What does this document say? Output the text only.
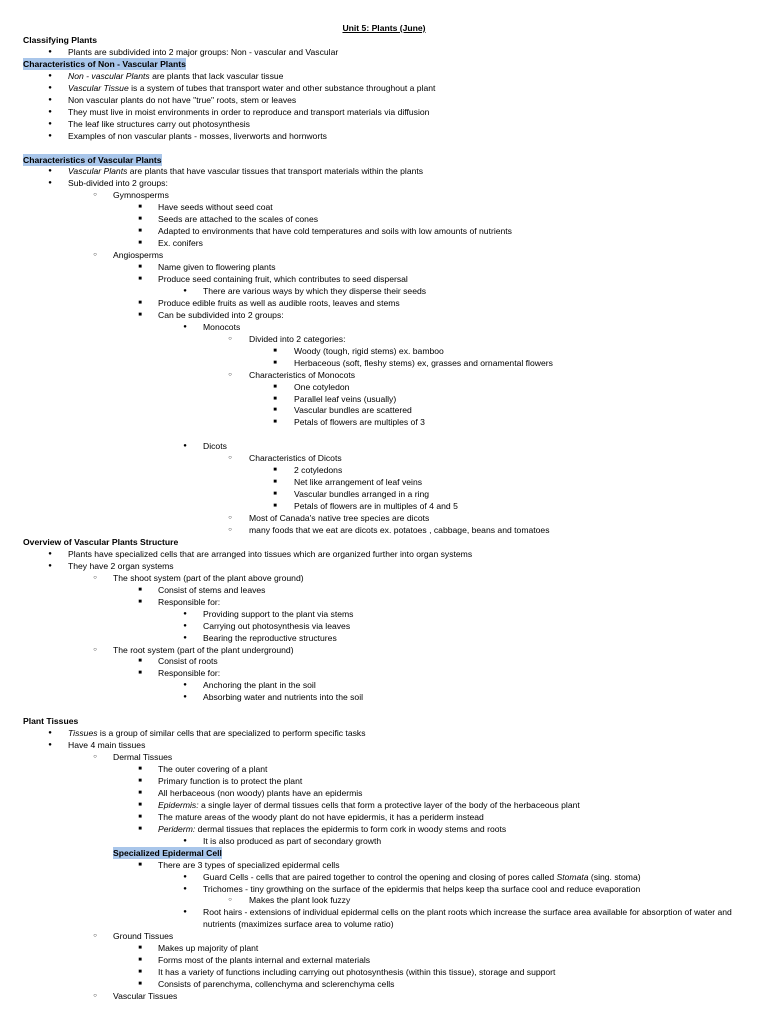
Unit 5: Plants (June)
Classifying Plants
●	Plants are subdivided into 2 major groups: Non - vascular and Vascular
Characteristics of Non - Vascular Plants
●	Non - vascular Plants are plants that lack vascular tissue
●	Vascular Tissue is a system of tubes that transport water and other substance throughout a plant
●	Non vascular plants do not have "true" roots, stem or leaves
●	They must live in moist environments in order to reproduce and transport materials via diffusion
●	The leaf like structures carry out photosynthesis
●	Examples of non vascular plants - mosses, liverworts and hornworts
Characteristics of Vascular Plants
●	Vascular Plants are plants that have vascular tissues that transport materials within the plants
●	Sub-divided into 2 groups:
○	Gymnosperms
■	Have seeds without seed coat
■	Seeds are attached to the scales of cones
■	Adapted to environments that have cold temperatures and soils with low amounts of nutrients
■	Ex. conifers
○	Angiosperms
■	Name given to flowering plants
■	Produce seed containing fruit, which contributes to seed dispersal
●	There are various ways by which they disperse their seeds
■	Produce edible fruits as well as audible roots, leaves and stems
■	Can be subdivided into 2 groups:
●	Monocots
○	Divided into 2 categories:
■	Woody (tough, rigid stems) ex. bamboo
■	Herbaceous (soft, fleshy stems) ex, grasses and ornamental flowers
○	Characteristics of Monocots
■	One cotyledon
■	Parallel leaf veins (usually)
■	Vascular bundles are scattered
■	Petals of flowers are multiples of 3
●	Dicots
○	Characteristics of Dicots
■	2 cotyledons
■	Net like arrangement of leaf veins
■	Vascular bundles arranged in a ring
■	Petals of flowers are in multiples of 4 and 5
○	Most of Canada's native tree species are dicots
○	many foods that we eat are dicots ex. potatoes , cabbage, beans and tomatoes
Overview of Vascular Plants Structure
●	Plants have specialized cells that are arranged into tissues which are organized further into organ systems
●	They have 2 organ systems
○	The shoot system (part of the plant above ground)
■	Consist of stems and leaves
■	Responsible for:
●	Providing support to the plant via stems
●	Carrying out photosynthesis via leaves
●	Bearing the reproductive structures
○	The root system (part of the plant underground)
■	Consist of roots
■	Responsible for:
●	Anchoring the plant in the soil
●	Absorbing water and nutrients into the soil
Plant Tissues
●	Tissues is a group of similar cells that are specialized to perform specific tasks
●	Have 4 main tissues
○	Dermal Tissues
■	The outer covering of a plant
■	Primary function is to protect the plant
■	All herbaceous (non woody) plants have an epidermis
■	Epidermis: a single layer of dermal tissues cells that form a protective layer of the body of the herbaceous plant
■	The mature areas of the woody plant do not have epidermis, it has a periderm instead
■	Periderm: dermal tissues that replaces the epidermis to form cork in woody stems and roots
●	It is also produced as part of secondary growth
Specialized Epidermal Cell
■	There are 3 types of specialized epidermal cells
●	Guard Cells - cells that are paired together to control the opening and closing of pores called Stomata (sing. stoma)
●	Trichomes - tiny growthing on the surface of the epidermis that helps keep tha surface cool and reduce evaporation
○	Makes the plant look fuzzy
●	Root hairs - extensions of individual epidermal cells on the plant roots which increase the surface area available for absorption of water and nutrients (maximizes surface area to volume ratio)
○	Ground Tissues
■	Makes up majority of plant
■	Forms most of the plants internal and external materials
■	It has a variety of functions including carrying out photosynthesis (within this tissue), storage and support
■	Consists of parenchyma, collenchyma and sclerenchyma cells
○	Vascular Tissues
